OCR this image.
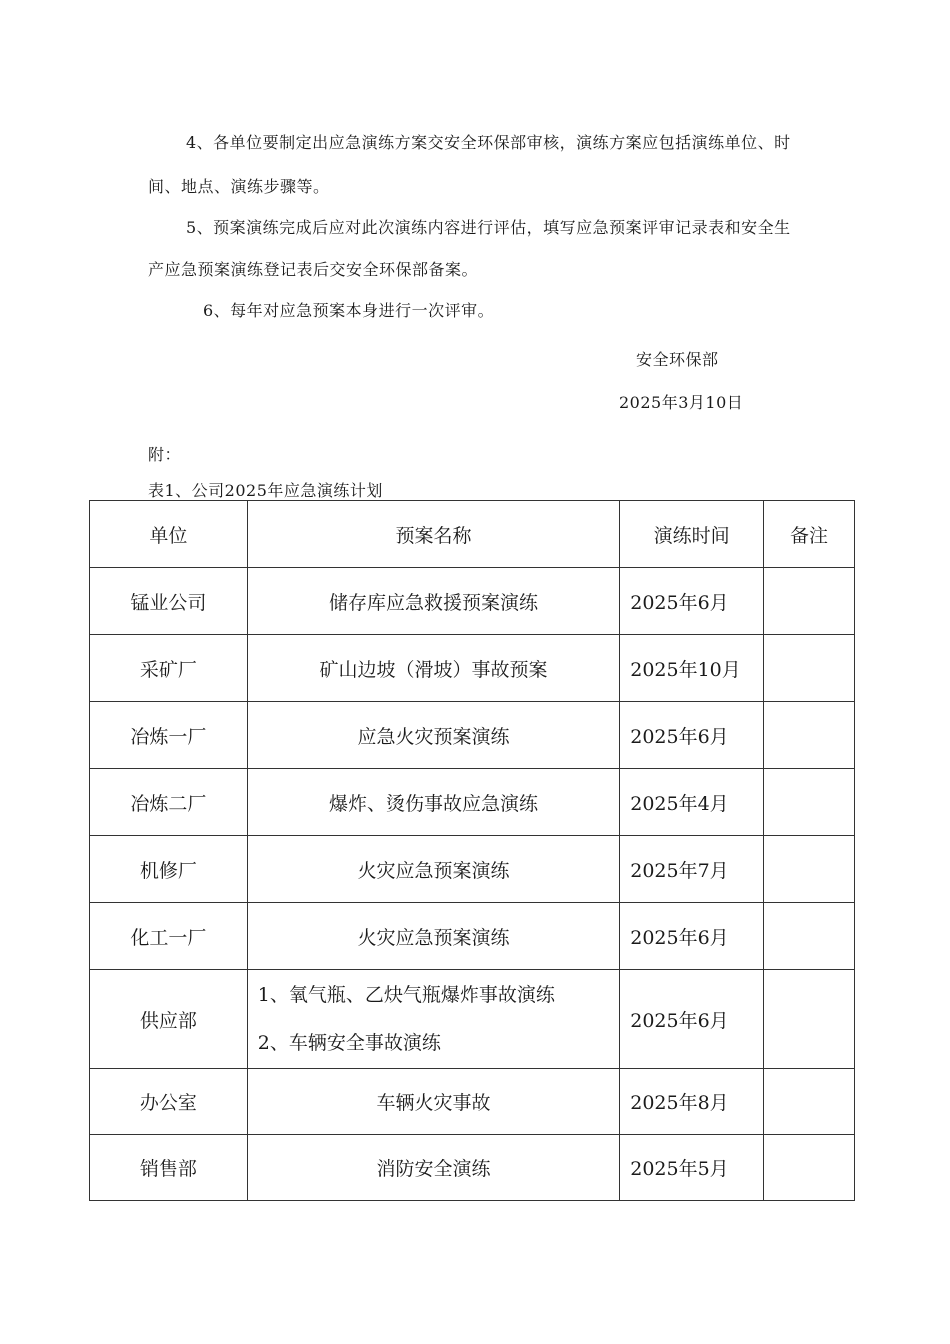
4、各单位要制定出应急演练方案交安全环保部审核，演练方案应包括演练单位、时
间、地点、演练步骤等。
5、预案演练完成后应对此次演练内容进行评估，填写应急预案评审记录表和安全生
产应急预案演练登记表后交安全环保部备案。
6、每年对应急预案本身进行一次评审。
安全环保部
2025年3月10日
附：
表1、公司2025年应急演练计划
单位	预案名称	演练时间	备注
锰业公司	储存库应急救援预案演练	2025年6月	
采矿厂	矿山边坡（滑坡）事故预案	2025年10月	
冶炼一厂	应急火灾预案演练	2025年6月	
冶炼二厂	爆炸、烫伤事故应急演练	2025年4月	
机修厂	火灾应急预案演练	2025年7月	
化工一厂	火灾应急预案演练	2025年6月	
供应部	1、氧气瓶、乙炔气瓶爆炸事故演练
2、车辆安全事故演练	2025年6月	
办公室	车辆火灾事故	2025年8月	
销售部	消防安全演练	2025年5月	
